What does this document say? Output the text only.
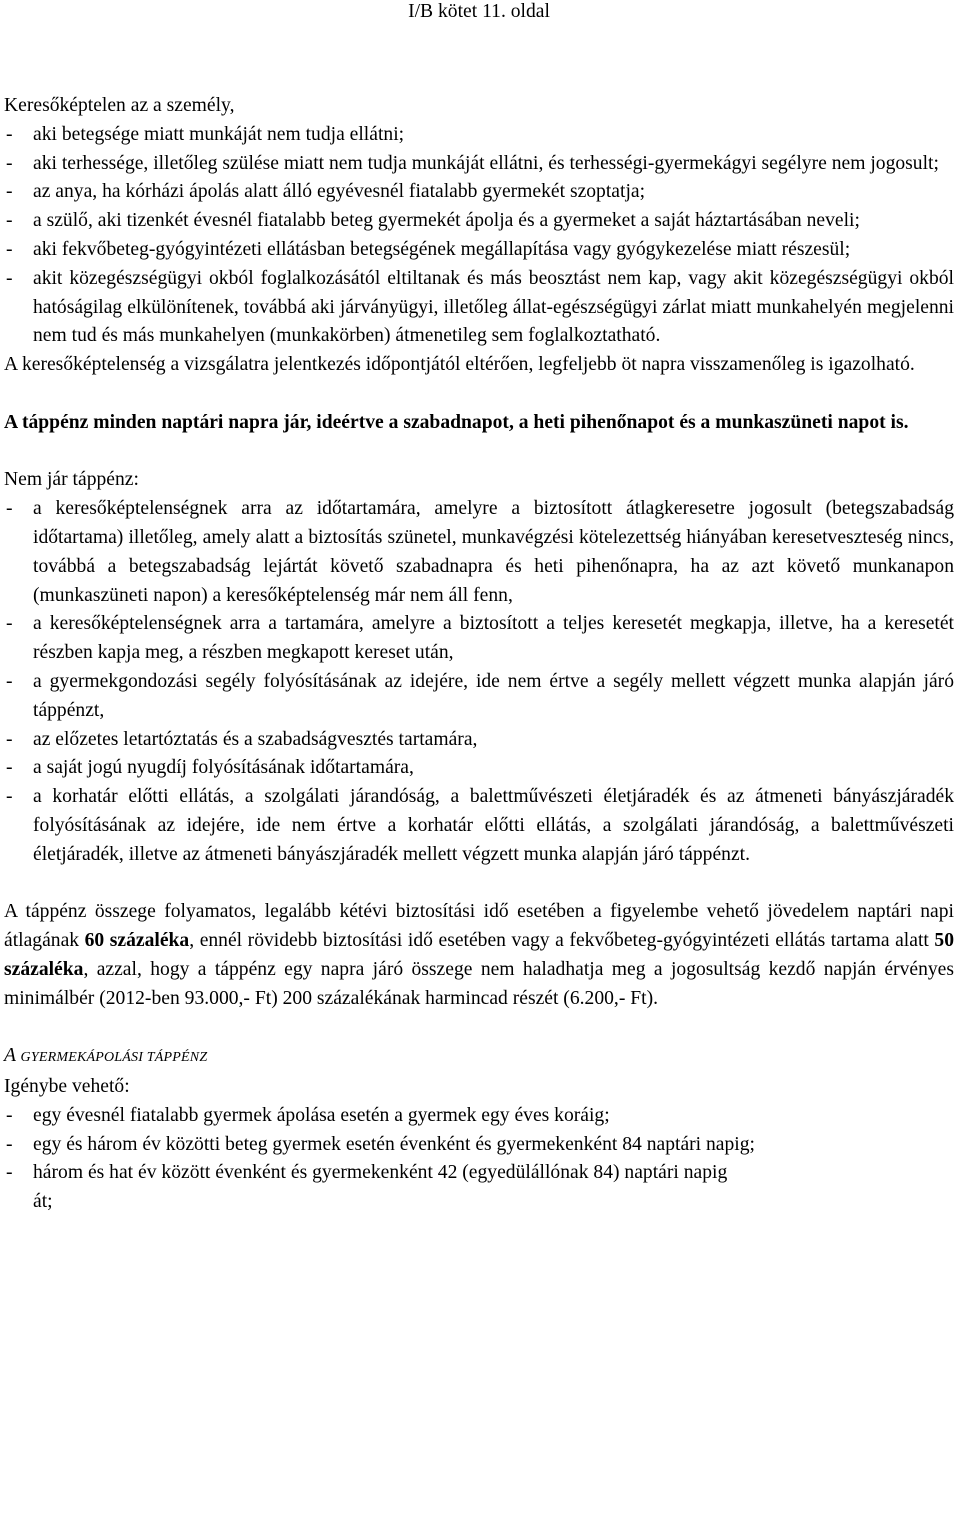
I/B kötet 11. oldal

Keresőképtelen az a személy,

- aki betegsége miatt munkáját nem tudja ellátni;
- aki terhessége, illetőleg szülése miatt nem tudja munkáját ellátni, és terhességi-gyermekágyi segélyre nem jogosult;
- az anya, ha kórházi ápolás alatt álló egyévesnél fiatalabb gyermekét szoptatja;
- a szülő, aki tizenkét évesnél fiatalabb beteg gyermekét ápolja és a gyermeket a saját háztartásában neveli;
- aki fekvőbeteg-gyógyintézeti ellátásban betegségének megállapítása vagy gyógykezelése miatt részesül;
- akit közegészségügyi okból foglalkozásától eltiltanak és más beosztást nem kap, vagy akit közegészségügyi okból hatóságilag elkülönítenek, továbbá aki járványügyi, illetőleg állat-egészségügyi zárlat miatt munkahelyén megjelenni nem tud és más munkahelyen (munkakörben) átmenetileg sem foglalkoztatható.

A keresőképtelenség a vizsgálatra jelentkezés időpontjától eltérően, legfeljebb öt napra visszamenőleg is igazolható.

A táppénz minden naptári napra jár, ideértve a szabadnapot, a heti pihenőnapot és a munkaszüneti napot is.

Nem jár táppénz:

- a keresőképtelenségnek arra az időtartamára, amelyre a biztosított átlagkeresetre jogosult (betegszabadság időtartama) illetőleg, amely alatt a biztosítás szünetel, munkavégzési kötelezettség hiányában keresetveszteség nincs, továbbá a betegszabadság lejártát követő szabadnapra és heti pihenőnapra, ha az azt követő munkanapon (munkaszüneti napon) a keresőképtelenség már nem áll fenn,
- a keresőképtelenségnek arra a tartamára, amelyre a biztosított a teljes keresetét megkapja, illetve, ha a keresetét részben kapja meg, a részben megkapott kereset után,
- a gyermekgondozási segély folyósításának az idejére, ide nem értve a segély mellett végzett munka alapján járó táppénzt,
- az előzetes letartóztatás és a szabadságvesztés tartamára,
- a saját jogú nyugdíj folyósításának időtartamára,
- a korhatár előtti ellátás, a szolgálati járandóság, a balettművészeti életjáradék és az átmeneti bányászjáradék folyósításának az idejére, ide nem értve a korhatár előtti ellátás, a szolgálati járandóság, a balettművészeti életjáradék, illetve az átmeneti bányászjáradék mellett végzett munka alapján járó táppénzt.

A táppénz összege folyamatos, legalább kétévi biztosítási idő esetében a figyelembe vehető jövedelem naptári napi átlagának 60 százaléka, ennél rövidebb biztosítási idő esetében vagy a fekvőbeteg-gyógyintézeti ellátás tartama alatt 50 százaléka, azzal, hogy a táppénz egy napra járó összege nem haladhatja meg a jogosultság kezdő napján érvényes minimálbér (2012-ben 93.000,- Ft) 200 százalékának harmincad részét (6.200,- Ft).

A GYERMEKÁPOLÁSI TÁPPÉNZ

Igénybe vehető:

- egy évesnél fiatalabb gyermek ápolása esetén a gyermek egy éves koráig;
- egy és három év közötti beteg gyermek esetén évenként és gyermekenként 84 naptári napig;
- három és hat év között évenként és gyermekenként 42 (egyedülállónak 84) naptári napig
át;
